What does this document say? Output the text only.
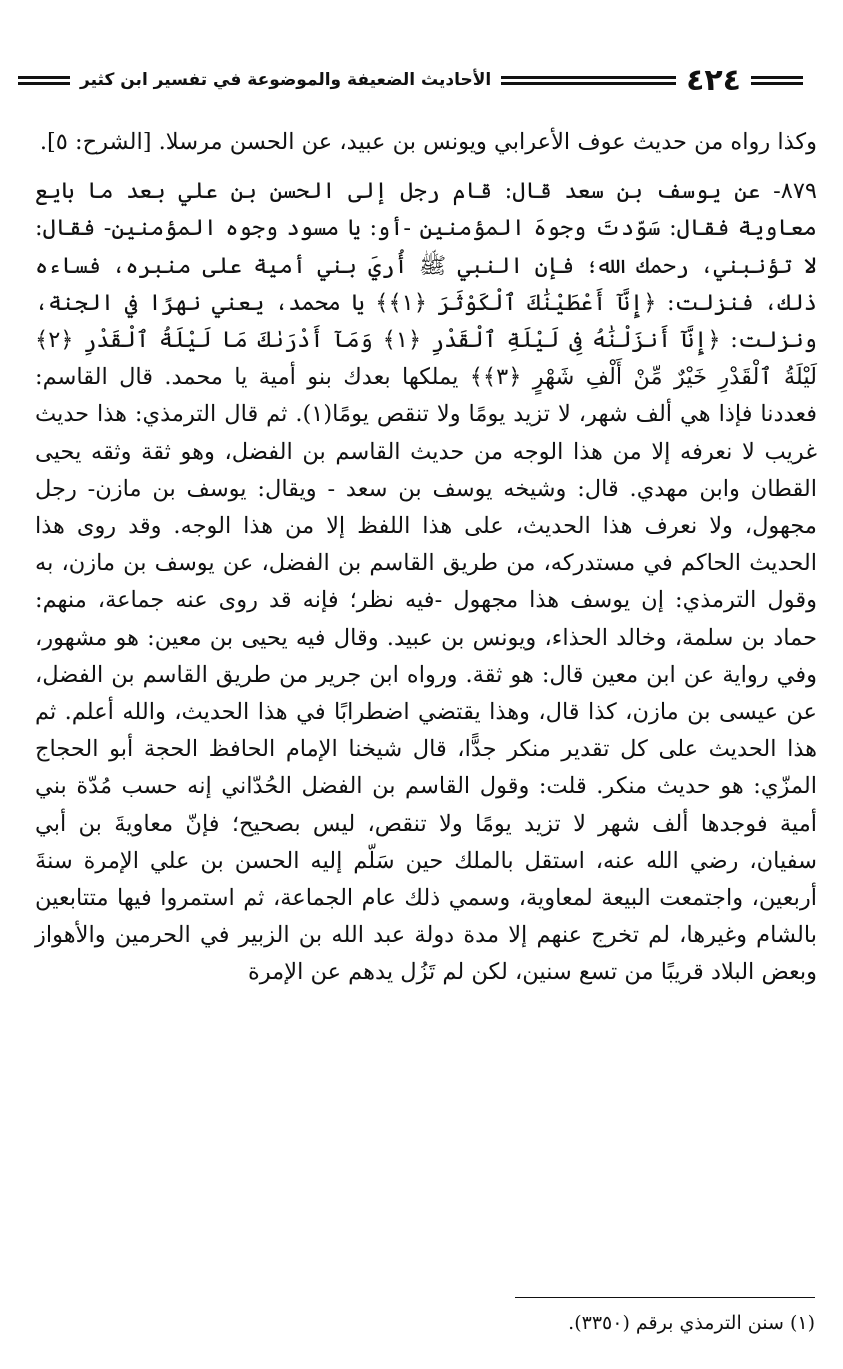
٤٢٤
الأحاديث الضعيفة والموضوعة في تفسير ابن كثير

وكذا رواه من حديث عوف الأعرابي ويونس بن عبيد، عن الحسن مرسلا. [الشرح: ٥].

٨٧٩- عن يوسف بن سعد قال: قام رجل إلى الحسن بن علي بعد ما بايع معاوية فقال: سَوّدتَ وجوهَ المؤمنين -أو: يا مسود وجوه المؤمنين- فقال: لا تؤنبني، رحمك الله؛ فإن النبي ﷺ أُريَ بني أمية على منبره، فساءه ذلك، فنزلت: ﴿إِنَّآ أَعْطَيْنَٰكَ ٱلْكَوْثَرَ ﴿١﴾﴾ يا محمد، يعني نهرًا في الجنة، ونزلت: ﴿إِنَّآ أَنزَلْنَٰهُ فِى لَيْلَةِ ٱلْقَدْرِ ﴿١﴾ وَمَآ أَدْرَىٰكَ مَا لَيْلَةُ ٱلْقَدْرِ ﴿٢﴾ لَيْلَةُ ٱلْقَدْرِ خَيْرٌ مِّنْ أَلْفِ شَهْرٍ ﴿٣﴾﴾ يملكها بعدك بنو أمية يا محمد. قال القاسم: فعددنا فإذا هي ألف شهر، لا تزيد يومًا ولا تنقص يومًا(١). ثم قال الترمذي: هذا حديث غريب لا نعرفه إلا من هذا الوجه من حديث القاسم بن الفضل، وهو ثقة وثقه يحيى القطان وابن مهدي. قال: وشيخه يوسف بن سعد - ويقال: يوسف بن مازن- رجل مجهول، ولا نعرف هذا الحديث، على هذا اللفظ إلا من هذا الوجه. وقد روى هذا الحديث الحاكم في مستدركه، من طريق القاسم بن الفضل، عن يوسف بن مازن، به وقول الترمذي: إن يوسف هذا مجهول -فيه نظر؛ فإنه قد روى عنه جماعة، منهم: حماد بن سلمة، وخالد الحذاء، ويونس بن عبيد. وقال فيه يحيى بن معين: هو مشهور، وفي رواية عن ابن معين قال: هو ثقة. ورواه ابن جرير من طريق القاسم بن الفضل، عن عيسى بن مازن، كذا قال، وهذا يقتضي اضطرابًا في هذا الحديث، والله أعلم. ثم هذا الحديث على كل تقدير منكر جدًّا، قال شيخنا الإمام الحافظ الحجة أبو الحجاج المزّي: هو حديث منكر. قلت: وقول القاسم بن الفضل الحُدّاني إنه حسب مُدّة بني أمية فوجدها ألف شهر لا تزيد يومًا ولا تنقص، ليس بصحيح؛ فإنّ معاويةَ بن أبي سفيان، رضي الله عنه، استقل بالملك حين سَلّم إليه الحسن بن علي الإمرة سنةَ أربعين، واجتمعت البيعة لمعاوية، وسمي ذلك عام الجماعة، ثم استمروا فيها متتابعين بالشام وغيرها، لم تخرج عنهم إلا مدة دولة عبد الله بن الزبير في الحرمين والأهواز وبعض البلاد قريبًا من تسع سنين، لكن لم تَزُل يدهم عن الإمرة

(١) سنن الترمذي برقم (٣٣٥٠).
